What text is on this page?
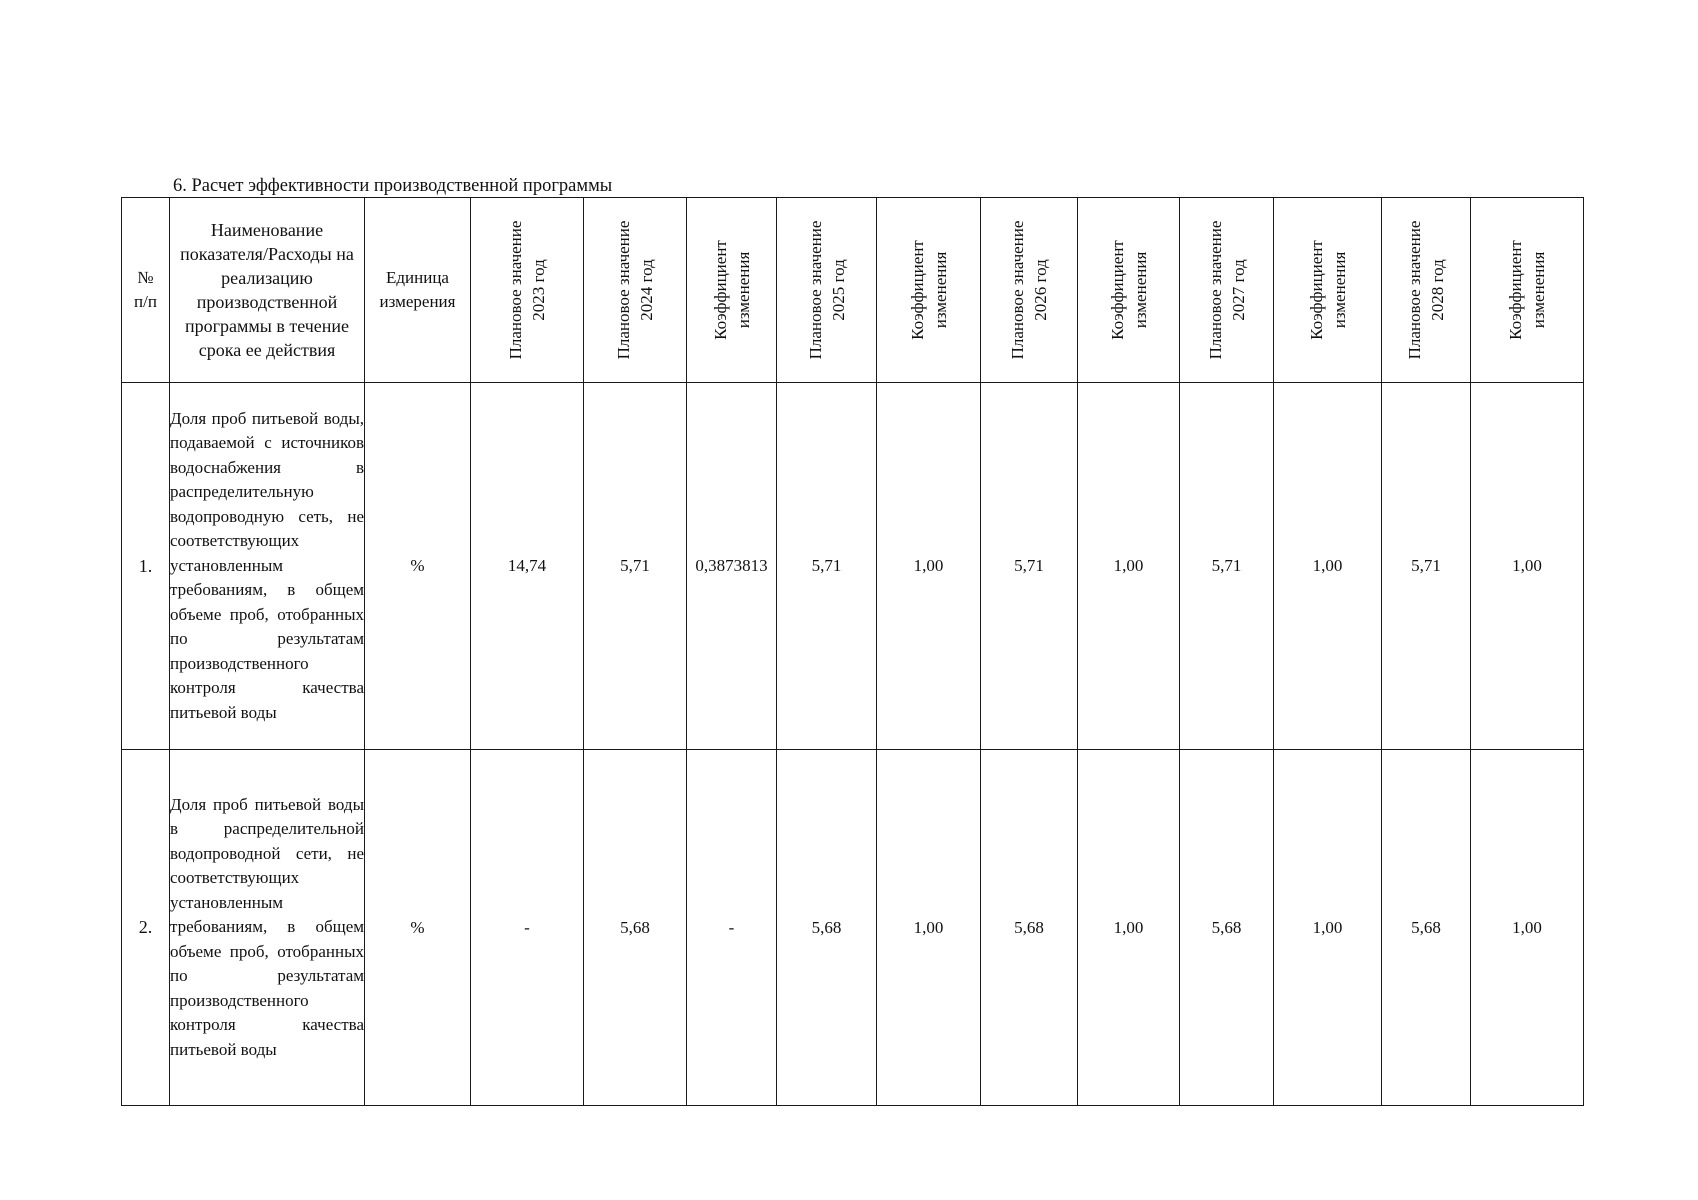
6. Расчет эффективности производственной программы
№
п/п	Наименование показателя/Расходы на реализацию производственной программы в течение срока ее действия	Единица измерения	Плановое значение 2023 год	Плановое значение 2024 год	Коэффициент изменения	Плановое значение 2025 год	Коэффициент изменения	Плановое значение 2026 год	Коэффициент изменения	Плановое значение 2027 год	Коэффициент изменения	Плановое значение 2028 год	Коэффициент изменения

1.	Доля проб питьевой воды, подаваемой с источников водоснабжения в распределительную водопроводную сеть, не соответствующих установленным требованиям, в общем объеме проб, отобранных по результатам производственного контроля качества питьевой воды	%	14,74	5,71	0,3873813	5,71	1,00	5,71	1,00	5,71	1,00	5,71	1,00
2.	Доля проб питьевой воды в распределительной водопроводной сети, не соответствующих установленным требованиям, в общем объеме проб, отобранных по результатам производственного контроля качества питьевой воды	%	-	5,68	-	5,68	1,00	5,68	1,00	5,68	1,00	5,68	1,00
